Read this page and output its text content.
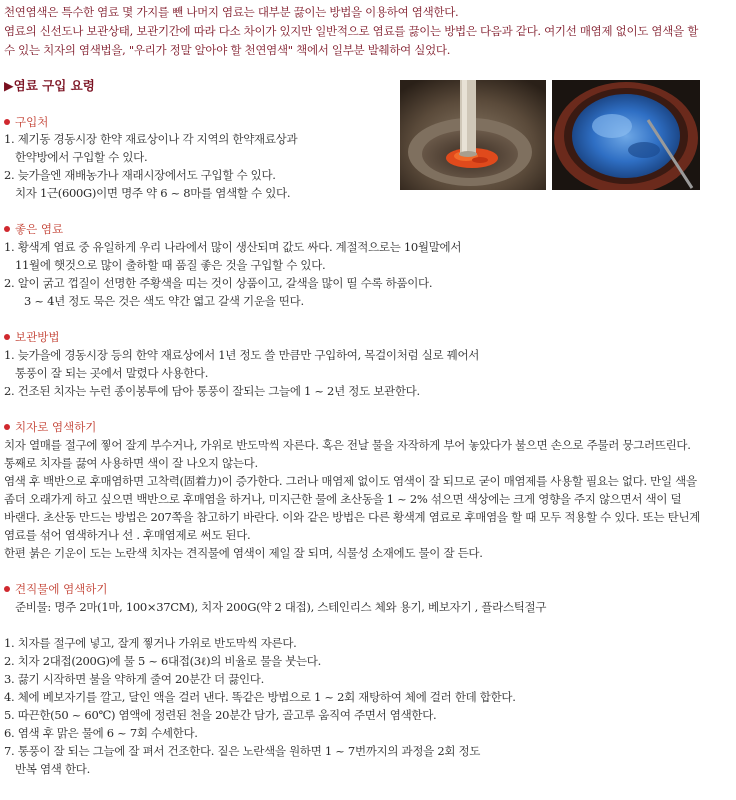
천연염색은 특수한 염료 몇 가지를 뺀 나머지 염료는 대부분 끓이는 방법을 이용하여 염색한다.
염료의 신선도나 보관상태, 보관기간에 따라 다소 차이가 있지만 일반적으로 염료를 끓이는 방법은 다음과 같다. 여기선 매염제 없이도 염색을 할
수 있는 치자의 염색법을, "우리가 정말 알아야 할 천연염색" 책에서 일부분 발췌하여 실었다.
▶염료 구입 요령
구입처
1. 제기동 경동시장 한약 재료상이나 각 지역의 한약재료상과
한약방에서 구입할 수 있다.
2. 늦가을엔 재배농가나 재래시장에서도 구입할 수 있다.
치자 1근(600G)이면 명주 약 6 ~ 8마를 염색할 수 있다.
좋은 염료
1. 황색계 염료 중 유일하게 우리 나라에서 많이 생산되며 값도 싸다. 계절적으로는 10월말에서
11월에 햇것으로 많이 출하할 때 품질 좋은 것을 구입할 수 있다.
2. 알이 굵고 껍질이 선명한 주황색을 띠는 것이 상품이고, 갈색을 많이 띨 수록 하품이다.
3 ~ 4년 정도 묵은 것은 색도 약간 엷고 갈색 기운을 띤다.
보관방법
1. 늦가을에 경동시장 등의 한약 재료상에서 1년 정도 쓸 만큼만 구입하여, 목걸이처럼 실로 꿰어서
통풍이 잘 되는 곳에서 말렸다 사용한다.
2. 건조된 치자는 누런 종이봉투에 담아 통풍이 잘되는 그늘에 1 ~ 2년 정도 보관한다.
치자로 염색하기
치자 열매를 절구에 찧어 잘게 부수거나, 가위로 반도막씩 자른다. 혹은 전날 물을 자작하게 부어 놓았다가 불으면 손으로 주물러 뭉그러뜨린다.
통째로 치자를 끓여 사용하면 색이 잘 나오지 않는다.
염색 후 백반으로 후매염하면 고착력(固着力)이 증가한다. 그러나 매염제 없이도 염색이 잘 되므로 굳이 매염제를 사용할 필요는 없다. 만일 색을
좀더 오래가게 하고 싶으면 백반으로 후매염을 하거나, 미지근한 물에 초산동을 1 ~ 2% 섞으면 색상에는 크게 영향을 주지 않으면서 색이 덜
바랜다. 초산동 만드는 방법은 207쪽을 참고하기 바란다. 이와 같은 방법은 다른 황색계 염료로 후매염을 할 때 모두 적용할 수 있다. 또는 탄닌계
염료를 섞어 염색하거나 선 . 후매염제로 써도 된다.
한편 붉은 기운이 도는 노란색 치자는 견직물에 염색이 제일 잘 되며, 식물성 소재에도 물이 잘 든다.
견직물에 염색하기
준비물: 명주 2마(1마, 100×37CM), 치자 200G(약 2 대접), 스테인리스 체와 용기, 베보자기 , 플라스틱절구
1. 치자를 절구에 넣고, 잘게 찧거나 가위로 반도막씩 자른다.
2. 치자 2대접(200G)에 물 5 ~ 6대접(3ℓ)의 비율로 물을 붓는다.
3. 끓기 시작하면 불을 약하게 줄여 20분간 더 끓인다.
4. 체에 베보자기를 깔고, 달인 액을 걸러 낸다. 똑같은 방법으로 1 ~ 2회 재탕하여 체에 걸러 한데 합한다.
5. 따끈한(50 ~ 60℃) 염액에 정련된 천을 20분간 담가, 골고루 움직여 주면서 염색한다.
6. 염색 후 맑은 물에 6 ~ 7회 수세한다.
7. 통풍이 잘 되는 그늘에 잘 펴서 건조한다. 짙은 노란색을 원하면 1 ~ 7번까지의 과정을 2회 정도
반복 염색 한다.
